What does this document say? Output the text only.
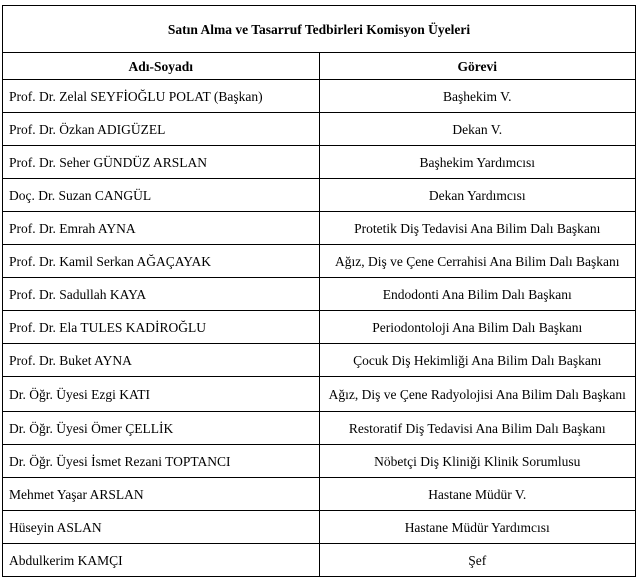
Satın Alma ve Tasarruf Tedbirleri Komisyon Üyeleri	
Adı-Soyadı	Görevi
Prof. Dr. Zelal SEYFİOĞLU POLAT (Başkan)	Başhekim V.
Prof. Dr. Özkan ADIGÜZEL	Dekan V.
Prof. Dr. Seher GÜNDÜZ ARSLAN	Başhekim Yardımcısı
Doç. Dr. Suzan CANGÜL	Dekan Yardımcısı
Prof. Dr. Emrah AYNA	Protetik Diş Tedavisi Ana Bilim Dalı Başkanı
Prof. Dr. Kamil Serkan AĞAÇAYAK	Ağız, Diş ve Çene Cerrahisi Ana Bilim Dalı Başkanı
Prof. Dr. Sadullah KAYA	Endodonti Ana Bilim Dalı Başkanı
Prof. Dr. Ela TULES KADİROĞLU	Periodontoloji Ana Bilim Dalı Başkanı
Prof. Dr. Buket AYNA	Çocuk Diş Hekimliği Ana Bilim Dalı Başkanı
Dr. Öğr. Üyesi Ezgi KATI	Ağız, Diş ve Çene Radyolojisi Ana Bilim Dalı Başkanı
Dr. Öğr. Üyesi Ömer ÇELLİK	Restoratif Diş Tedavisi Ana Bilim Dalı Başkanı
Dr. Öğr. Üyesi İsmet Rezani TOPTANCI	Nöbetçi Diş Kliniği Klinik Sorumlusu
Mehmet Yaşar ARSLAN	Hastane Müdür V.
Hüseyin ASLAN	Hastane Müdür Yardımcısı
Abdulkerim KAMÇI	Şef
